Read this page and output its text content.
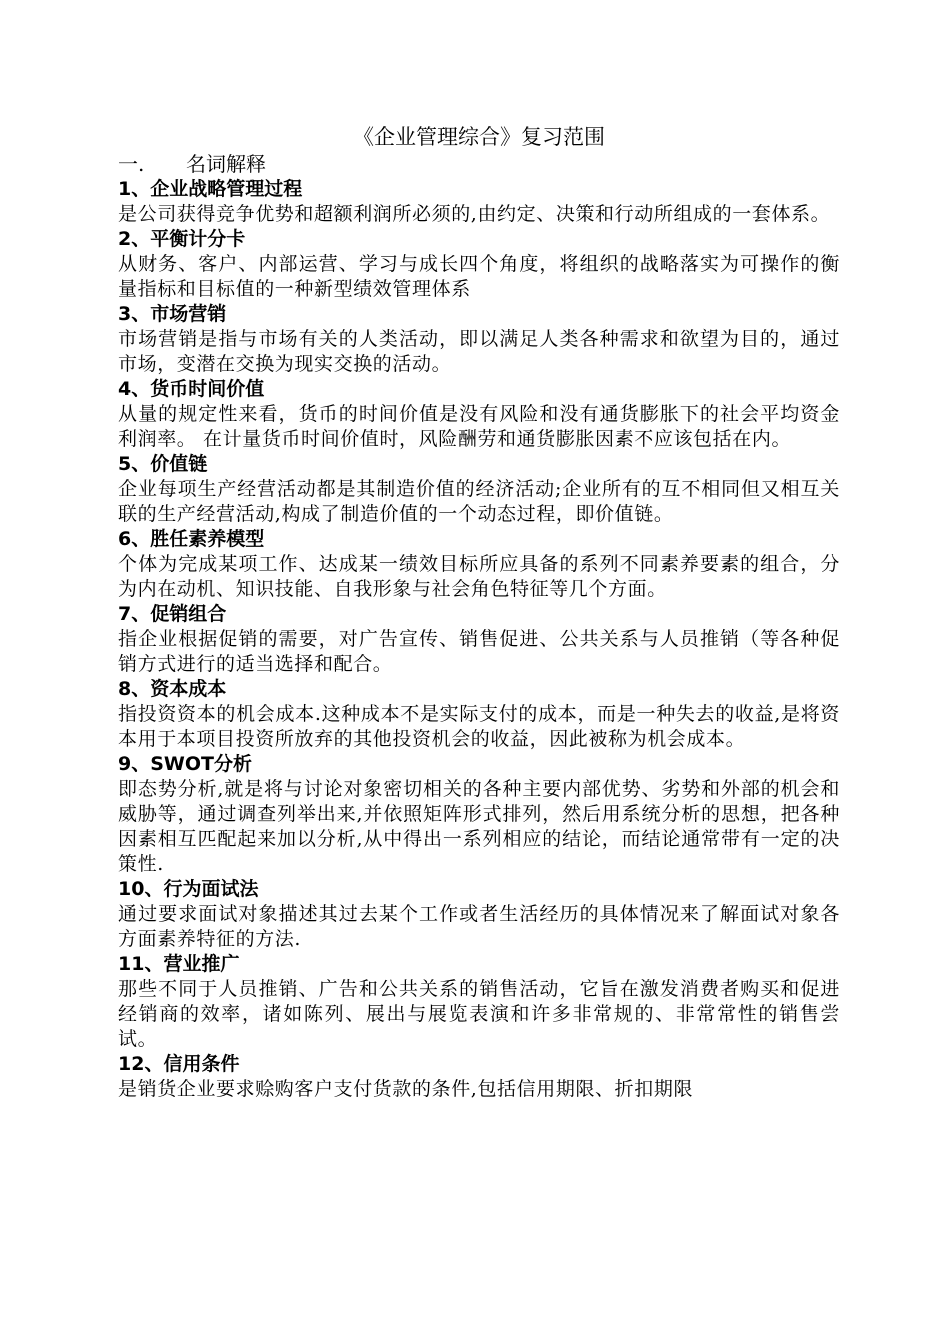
《企业管理综合》复习范围
一. 名词解释
1、企业战略管理过程
是公司获得竞争优势和超额利润所必须的,由约定、决策和行动所组成的一套体系。
2、平衡计分卡
从财务、客户、内部运营、学习与成长四个角度，将组织的战略落实为可操作的衡量指标和目标值的一种新型绩效管理体系
3、市场营销
市场营销是指与市场有关的人类活动，即以满足人类各种需求和欲望为目的，通过市场，变潜在交换为现实交换的活动。
4、货币时间价值
从量的规定性来看，货币的时间价值是没有风险和没有通货膨胀下的社会平均资金利润率。 在计量货币时间价值时，风险酬劳和通货膨胀因素不应该包括在内。
5、价值链
企业每项生产经营活动都是其制造价值的经济活动;企业所有的互不相同但又相互关联的生产经营活动,构成了制造价值的一个动态过程，即价值链。
6、胜任素养模型
个体为完成某项工作、达成某一绩效目标所应具备的系列不同素养要素的组合，分为内在动机、知识技能、自我形象与社会角色特征等几个方面。
7、促销组合
指企业根据促销的需要，对广告宣传、销售促进、公共关系与人员推销（等各种促销方式进行的适当选择和配合。
8、资本成本
指投资资本的机会成本.这种成本不是实际支付的成本，而是一种失去的收益,是将资本用于本项目投资所放弃的其他投资机会的收益，因此被称为机会成本。
9、SWOT分析
即态势分析,就是将与讨论对象密切相关的各种主要内部优势、劣势和外部的机会和威胁等，通过调查列举出来,并依照矩阵形式排列，然后用系统分析的思想，把各种因素相互匹配起来加以分析,从中得出一系列相应的结论，而结论通常带有一定的决策性.
10、行为面试法
通过要求面试对象描述其过去某个工作或者生活经历的具体情况来了解面试对象各方面素养特征的方法.
11、营业推广
那些不同于人员推销、广告和公共关系的销售活动，它旨在激发消费者购买和促进经销商的效率，诸如陈列、展出与展览表演和许多非常规的、非常常性的销售尝试。
12、信用条件
是销货企业要求赊购客户支付货款的条件,包括信用期限、折扣期限
